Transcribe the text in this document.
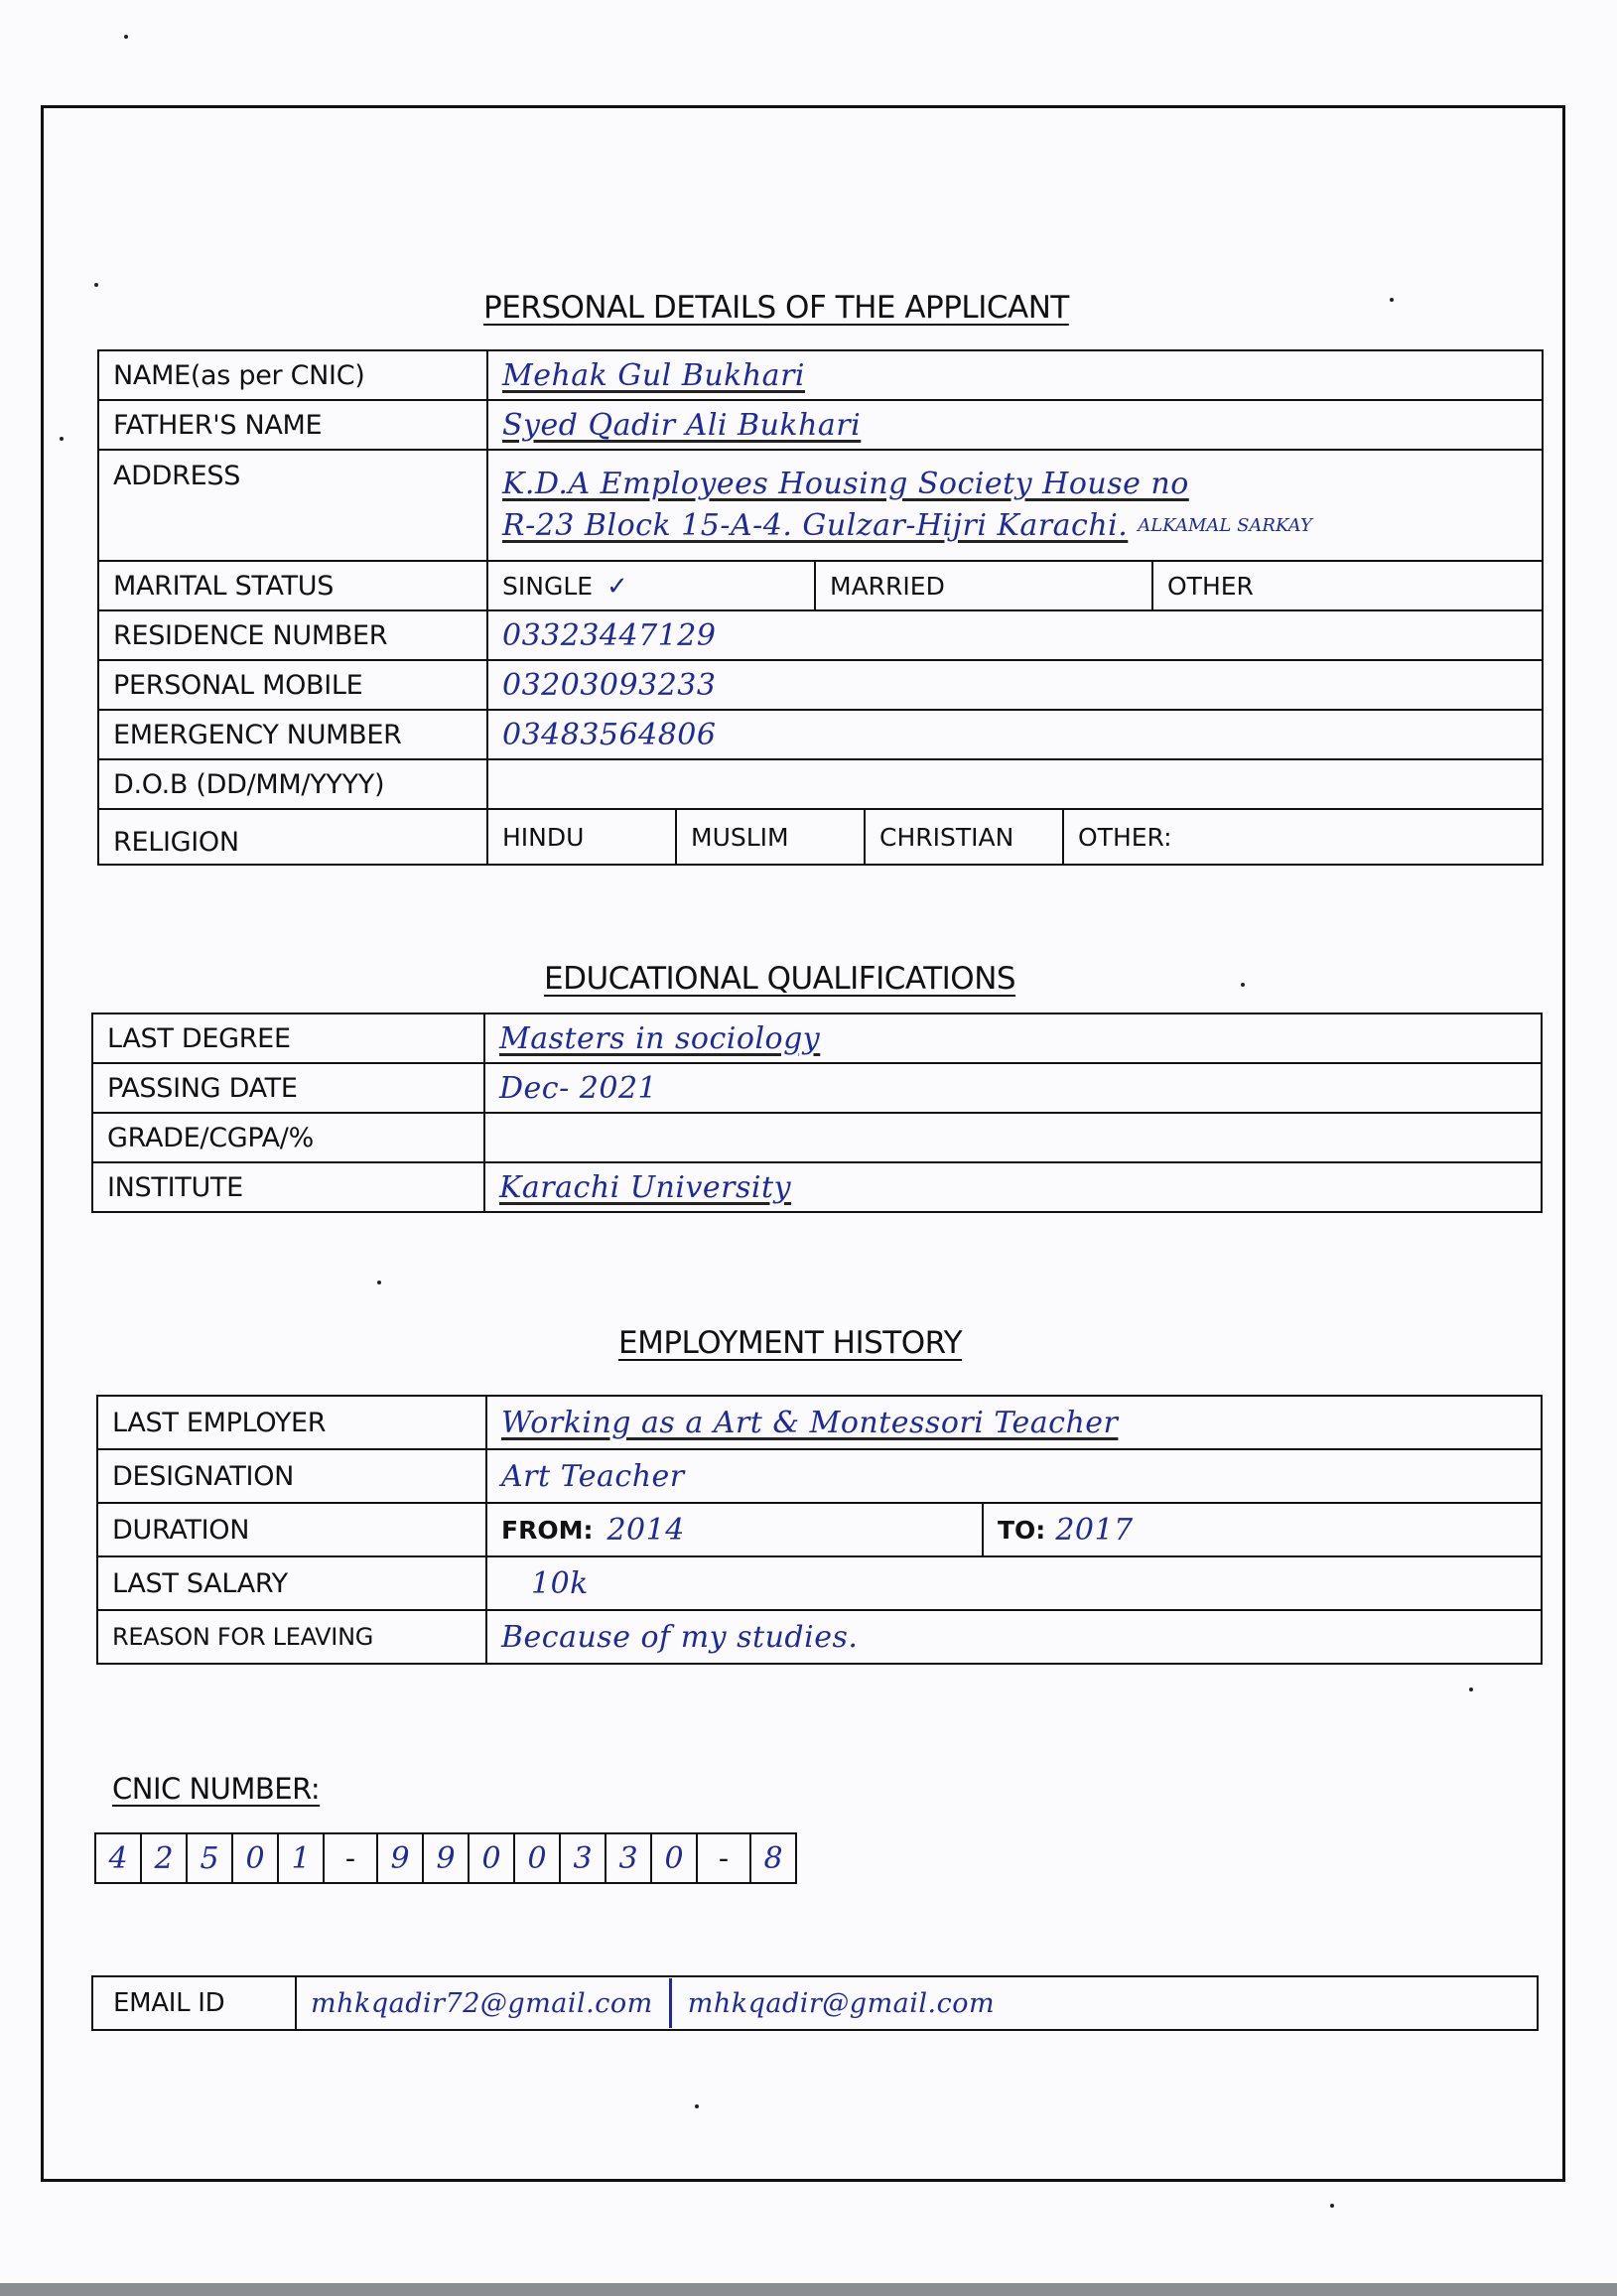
PERSONAL DETAILS OF THE APPLICANT
NAME(as per CNIC)	Mehak Gul Bukhari
FATHER'S NAME	Syed Qadir Ali Bukhari
ADDRESS	K.D.A Employees Housing Society House no
R-23 Block 15-A-4. Gulzar-Hijri Karachi. $^{ALKAMAL SARKAY}$

MARITAL STATUS	SINGLE ✓ MARRIED OTHER

RESIDENCE NUMBER	03323447129
PERSONAL MOBILE	03203093233
EMERGENCY NUMBER	03483564806
D.O.B (DD/MM/YYYY)	
RELIGION	HINDU MUSLIM CHRISTIAN OTHER:
EDUCATIONAL QUALIFICATIONS
LAST DEGREE	Masters in sociology
PASSING DATE	Dec- 2021
GRADE/CGPA/%	
INSTITUTE	Karachi University
EMPLOYMENT HISTORY
LAST EMPLOYER	Working as a Art & Montessori Teacher
DESIGNATION	Art Teacher
DURATION	FROM: 2014 TO: 2017

LAST SALARY	10k
REASON FOR LEAVING	Because of my studies.
CNIC NUMBER:
4 2 5 0 1	-	9 9 0 0 3 3 0	-	8
EMAIL ID	mhkqadir72@gmail.com mhkqadir@gmail.com
